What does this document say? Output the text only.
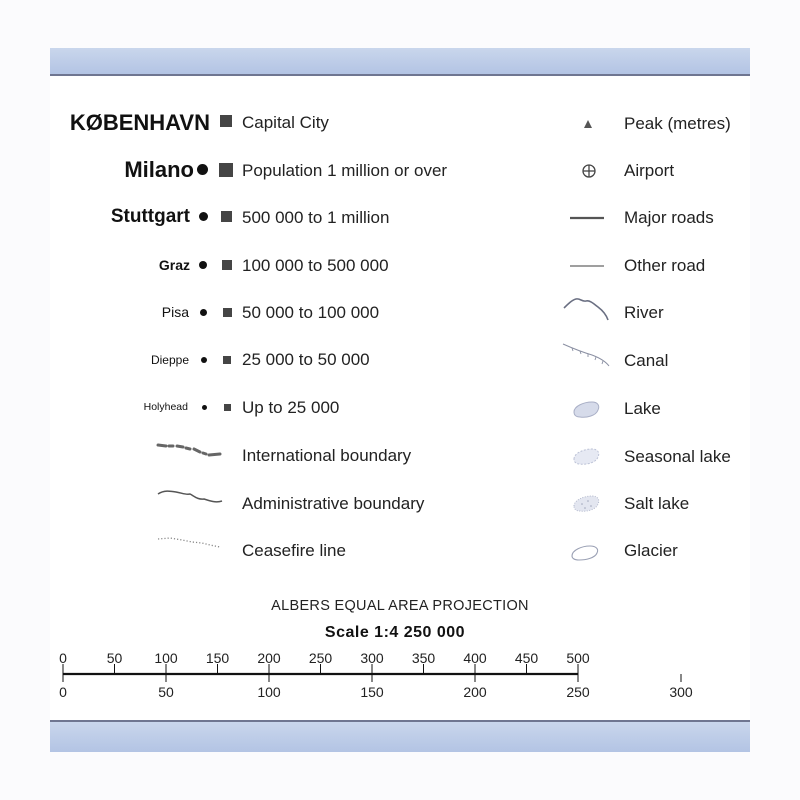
KØBENHAVN Capital City
Milano	Population 1 million or over
Stuttgart	500 000 to 1 million
Graz	100 000 to 500 000
Pisa	50 000 to 100 000
Dieppe	25 000 to 50 000
Holyhead	Up to 25 000
International boundary
Administrative boundary
Ceasefire line
Peak (metres)
Airport
Major roads
Other road
River
Canal
Lake
Seasonal lake
Salt lake
Glacier
ALBERS EQUAL AREA PROJECTION
Scale 1:4 250 000
0	50 100 150 200 250 300 350 400 450 500
0	50	100	150	200	250	300
